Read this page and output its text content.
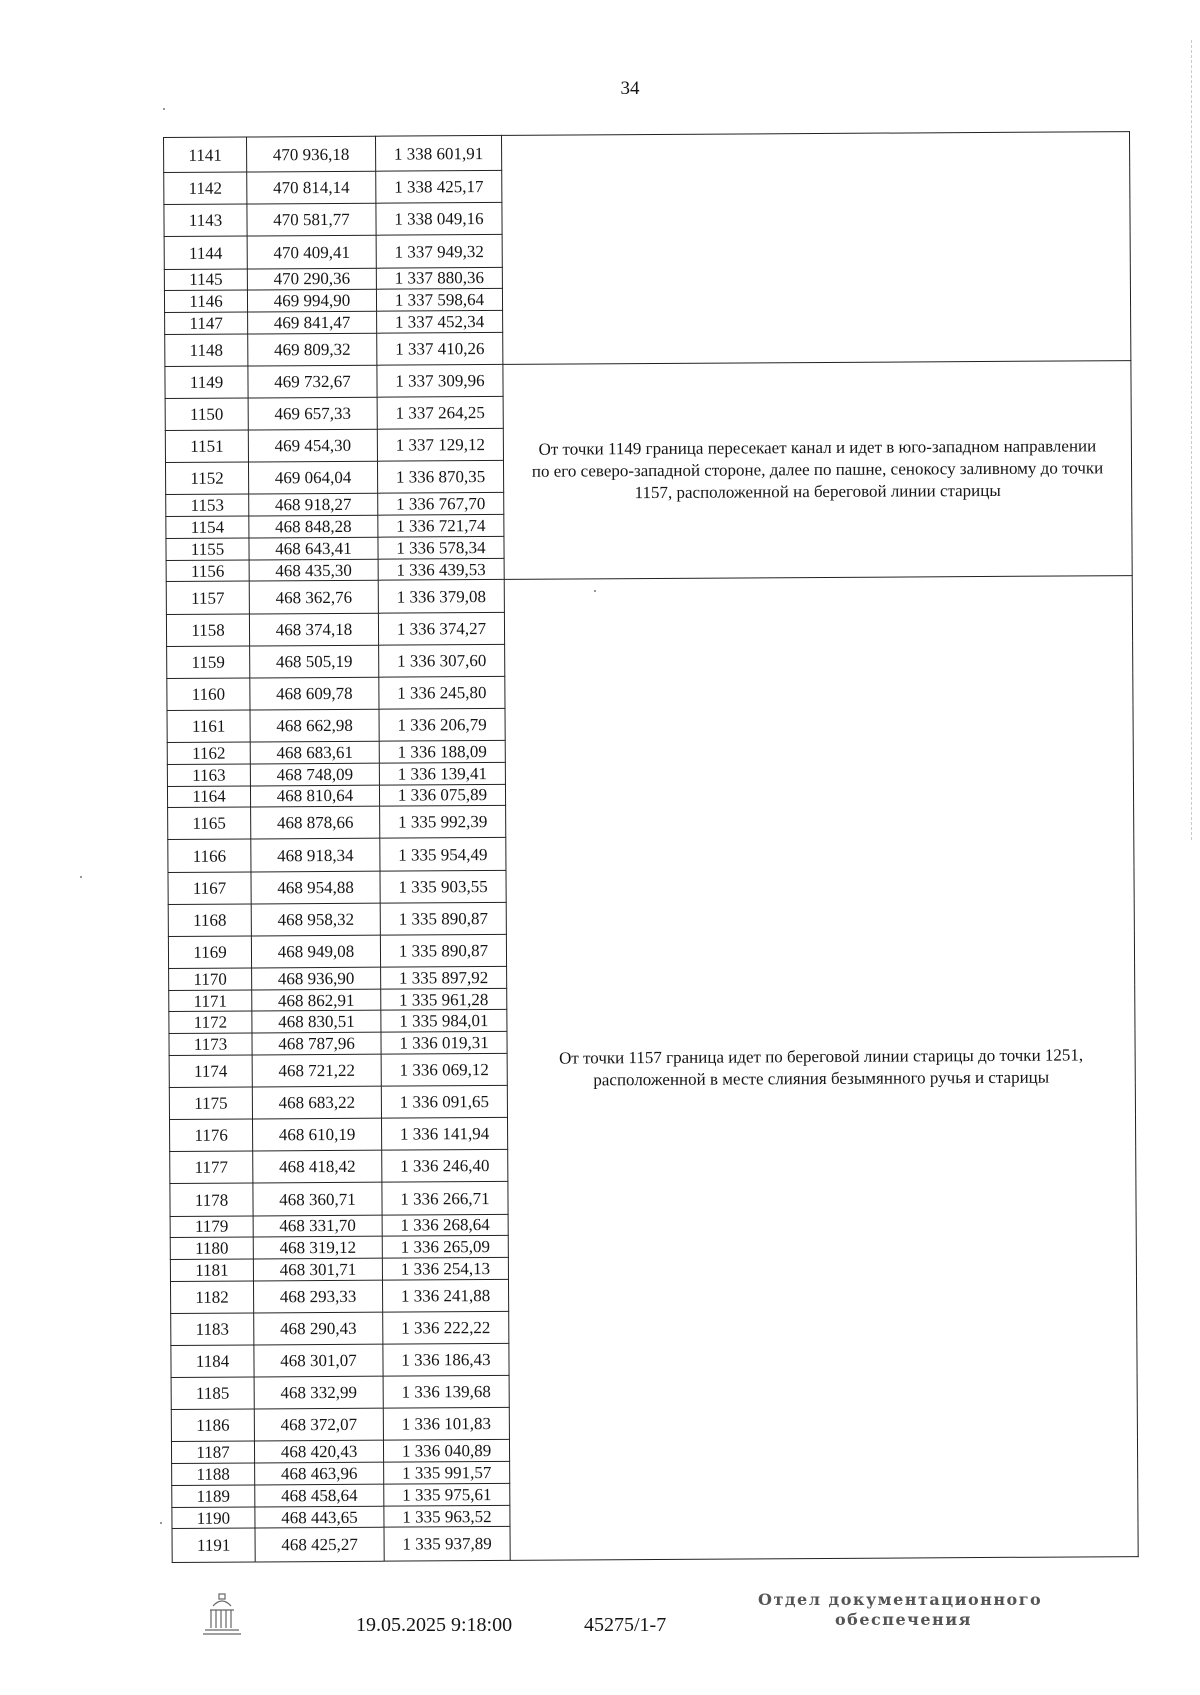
34
1141	470 936,18	1 338 601,91	
1142	470 814,14	1 338 425,17	
1143	470 581,77	1 338 049,16	
1144	470 409,41	1 337 949,32	
1145	470 290,36	1 337 880,36	
1146	469 994,90	1 337 598,64	
1147	469 841,47	1 337 452,34	
1148	469 809,32	1 337 410,26	
1149	469 732,67	1 337 309,96	От точки 1149 граница пересекает канал и идет в юго-западном направлении по его северо-западной стороне, далее по пашне, сенокосу заливному до точки 1157, расположенной на береговой линии старицы
1150	469 657,33	1 337 264,25	
1151	469 454,30	1 337 129,12	
1152	469 064,04	1 336 870,35	
1153	468 918,27	1 336 767,70	
1154	468 848,28	1 336 721,74	
1155	468 643,41	1 336 578,34	
1156	468 435,30	1 336 439,53	
1157	468 362,76	1 336 379,08	От точки 1157 граница идет по береговой линии старицы до точки 1251, расположенной в месте слияния безымянного ручья и старицы
1158	468 374,18	1 336 374,27	
1159	468 505,19	1 336 307,60	
1160	468 609,78	1 336 245,80	
1161	468 662,98	1 336 206,79	
1162	468 683,61	1 336 188,09	
1163	468 748,09	1 336 139,41	
1164	468 810,64	1 336 075,89	
1165	468 878,66	1 335 992,39	
1166	468 918,34	1 335 954,49	
1167	468 954,88	1 335 903,55	
1168	468 958,32	1 335 890,87	
1169	468 949,08	1 335 890,87	
1170	468 936,90	1 335 897,92	
1171	468 862,91	1 335 961,28	
1172	468 830,51	1 335 984,01	
1173	468 787,96	1 336 019,31	
1174	468 721,22	1 336 069,12	
1175	468 683,22	1 336 091,65	
1176	468 610,19	1 336 141,94	
1177	468 418,42	1 336 246,40	
1178	468 360,71	1 336 266,71	
1179	468 331,70	1 336 268,64	
1180	468 319,12	1 336 265,09	
1181	468 301,71	1 336 254,13	
1182	468 293,33	1 336 241,88	
1183	468 290,43	1 336 222,22	
1184	468 301,07	1 336 186,43	
1185	468 332,99	1 336 139,68	
1186	468 372,07	1 336 101,83	
1187	468 420,43	1 336 040,89	
1188	468 463,96	1 335 991,57	
1189	468 458,64	1 335 975,61	
1190	468 443,65	1 335 963,52	
1191	468 425,27	1 335 937,89	
19.05.2025 9:18:00	45275/1-7
Отдел документационного
обеспечения
